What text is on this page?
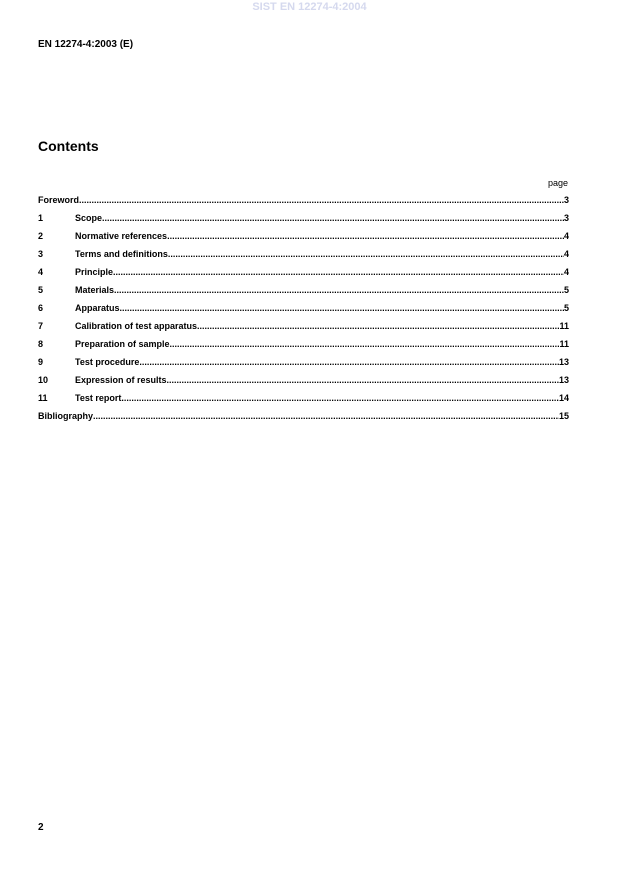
SIST EN 12274-4:2004
EN 12274-4:2003 (E)
Contents
page
Foreword .....	3
1	Scope .....	3
2	Normative references .....	4
3	Terms and definitions .....	4
4	Principle .....	4
5	Materials .....	5
6	Apparatus .....	5
7	Calibration of test apparatus .....	11
8	Preparation of sample .....	11
9	Test procedure .....	13
10	Expression of results .....	13
11	Test report .....	14
Bibliography .....	15
2
